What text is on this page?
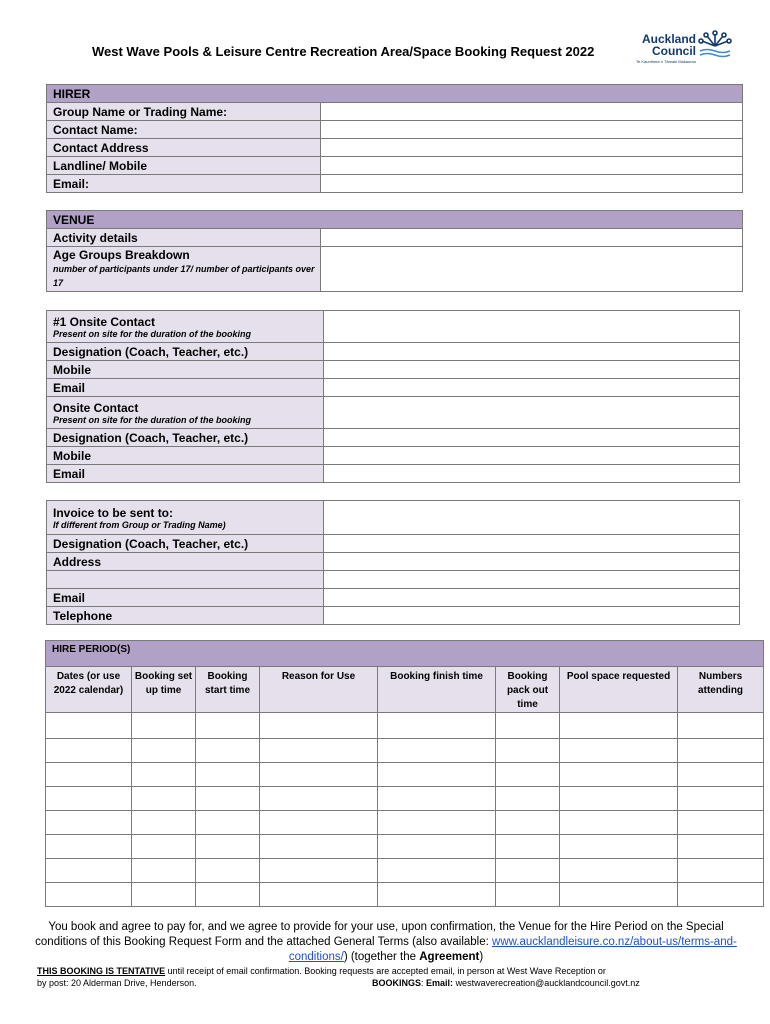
West Wave Pools & Leisure Centre Recreation Area/Space Booking Request 2022
Auckland
Council
Te Kaunihera o Tāmaki Makaurau
HIRER	
Group Name or Trading Name:	
Contact Name:	
Contact Address	
Landline/ Mobile	
Email:	
VENUE	
Activity details	
Age Groups Breakdown
number of participants under 17/ number of participants over 17	

#1 Onsite Contact
Present on site for the duration of the booking	

Designation (Coach, Teacher, etc.)	
Mobile	
Email	
Onsite Contact
Present on site for the duration of the booking	

Designation (Coach, Teacher, etc.)	
Mobile	
Email	
Invoice to be sent to:
If different from Group or Trading Name)	

Designation (Coach, Teacher, etc.)	
Address	

Email	
Telephone	
HIRE PERIOD(S)							
Dates (or use 2022 calendar)	Booking set up time	Booking start time	Reason for Use	Booking finish time	Booking pack out time	Pool space requested	Numbers attending

You book and agree to pay for, and we agree to provide for your use, upon confirmation, the Venue for the Hire Period on the Special conditions of this Booking Request Form and the attached General Terms (also available: www.aucklandleisure.co.nz/about-us/terms-and-conditions/) (together the Agreement)
THIS BOOKING IS TENTATIVE until receipt of email confirmation. Booking requests are accepted email, in person at West Wave Reception or
by post: 20 Alderman Drive, Henderson.	BOOKINGS: Email: westwaverecreation@aucklandcouncil.govt.nz
